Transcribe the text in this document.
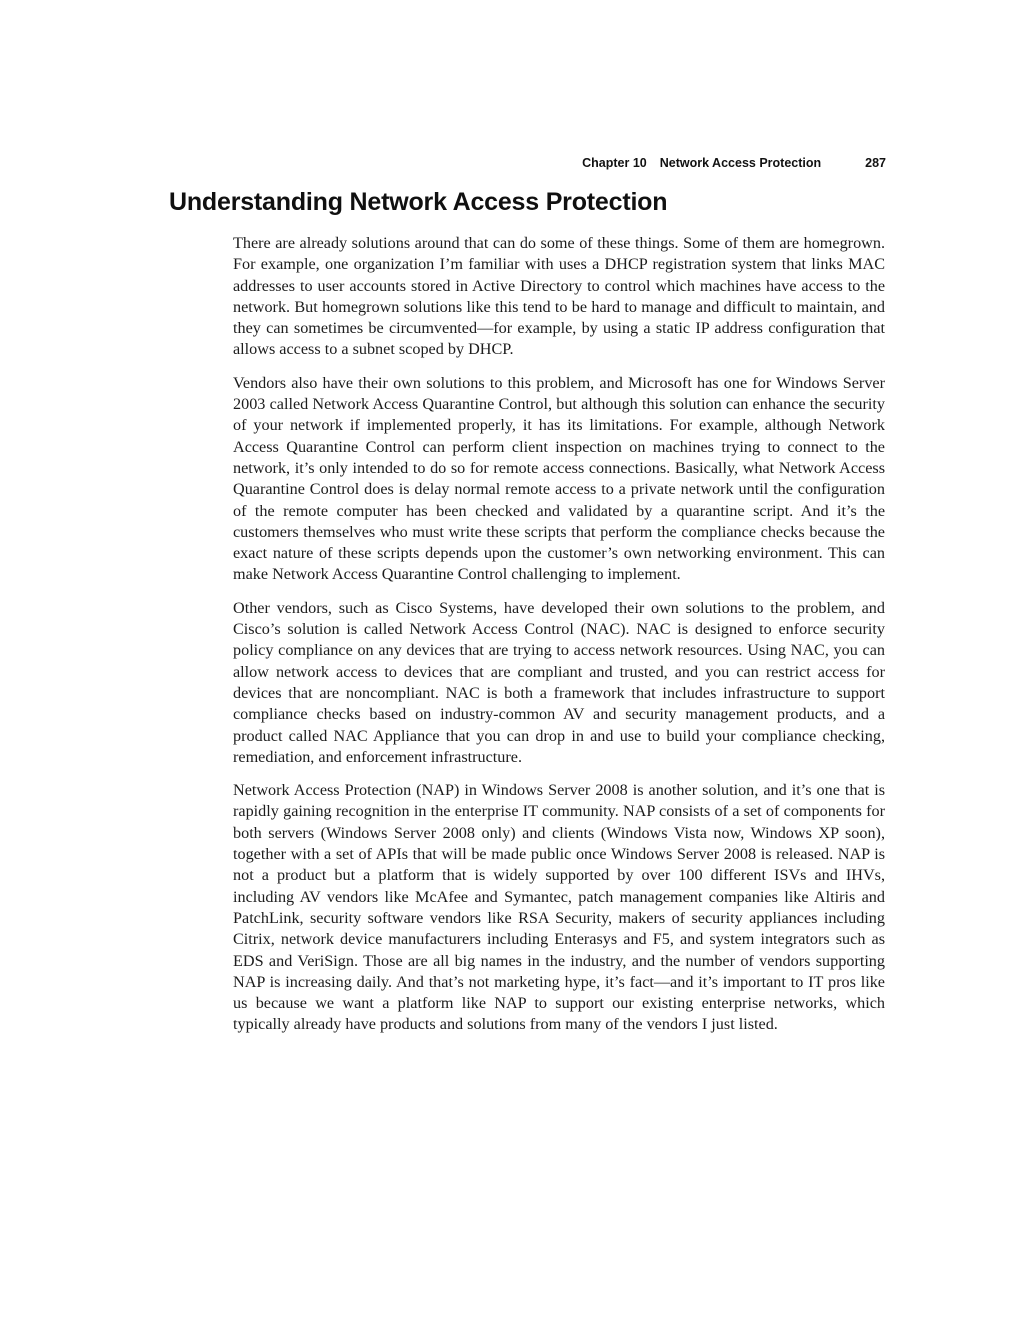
Chapter 10 Network Access Protection	287
Understanding Network Access Protection

There are already solutions around that can do some of these things. Some of them are homegrown. For example, one organization I’m familiar with uses a DHCP registration system that links MAC addresses to user accounts stored in Active Directory to control which machines have access to the network. But homegrown solutions like this tend to be hard to manage and difficult to maintain, and they can sometimes be circumvented—for example, by using a static IP address configuration that allows access to a subnet scoped by DHCP.

Vendors also have their own solutions to this problem, and Microsoft has one for Windows Server 2003 called Network Access Quarantine Control, but although this solution can enhance the security of your network if implemented properly, it has its limitations. For example, although Network Access Quarantine Control can perform client inspection on machines trying to connect to the network, it’s only intended to do so for remote access connections. Basically, what Network Access Quarantine Control does is delay normal remote access to a private network until the configuration of the remote computer has been checked and validated by a quarantine script. And it’s the customers themselves who must write these scripts that perform the compliance checks because the exact nature of these scripts depends upon the customer’s own networking environment. This can make Network Access Quarantine Control challenging to implement.

Other vendors, such as Cisco Systems, have developed their own solutions to the problem, and Cisco’s solution is called Network Access Control (NAC). NAC is designed to enforce security policy compliance on any devices that are trying to access network resources. Using NAC, you can allow network access to devices that are compliant and trusted, and you can restrict access for devices that are noncompliant. NAC is both a framework that includes infrastructure to support compliance checks based on industry-common AV and security management products, and a product called NAC Appliance that you can drop in and use to build your compliance checking, remediation, and enforcement infrastructure.

Network Access Protection (NAP) in Windows Server 2008 is another solution, and it’s one that is rapidly gaining recognition in the enterprise IT community. NAP consists of a set of components for both servers (Windows Server 2008 only) and clients (Windows Vista now, Windows XP soon), together with a set of APIs that will be made public once Windows Server 2008 is released. NAP is not a product but a platform that is widely supported by over 100 different ISVs and IHVs, including AV vendors like McAfee and Symantec, patch management companies like Altiris and PatchLink, security software vendors like RSA Security, makers of security appliances including Citrix, network device manufacturers including Enterasys and F5, and system integrators such as EDS and VeriSign. Those are all big names in the industry, and the number of vendors supporting NAP is increasing daily. And that’s not marketing hype, it’s fact—and it’s important to IT pros like us because we want a platform like NAP to support our existing enterprise networks, which typically already have products and solutions from many of the vendors I just listed.
